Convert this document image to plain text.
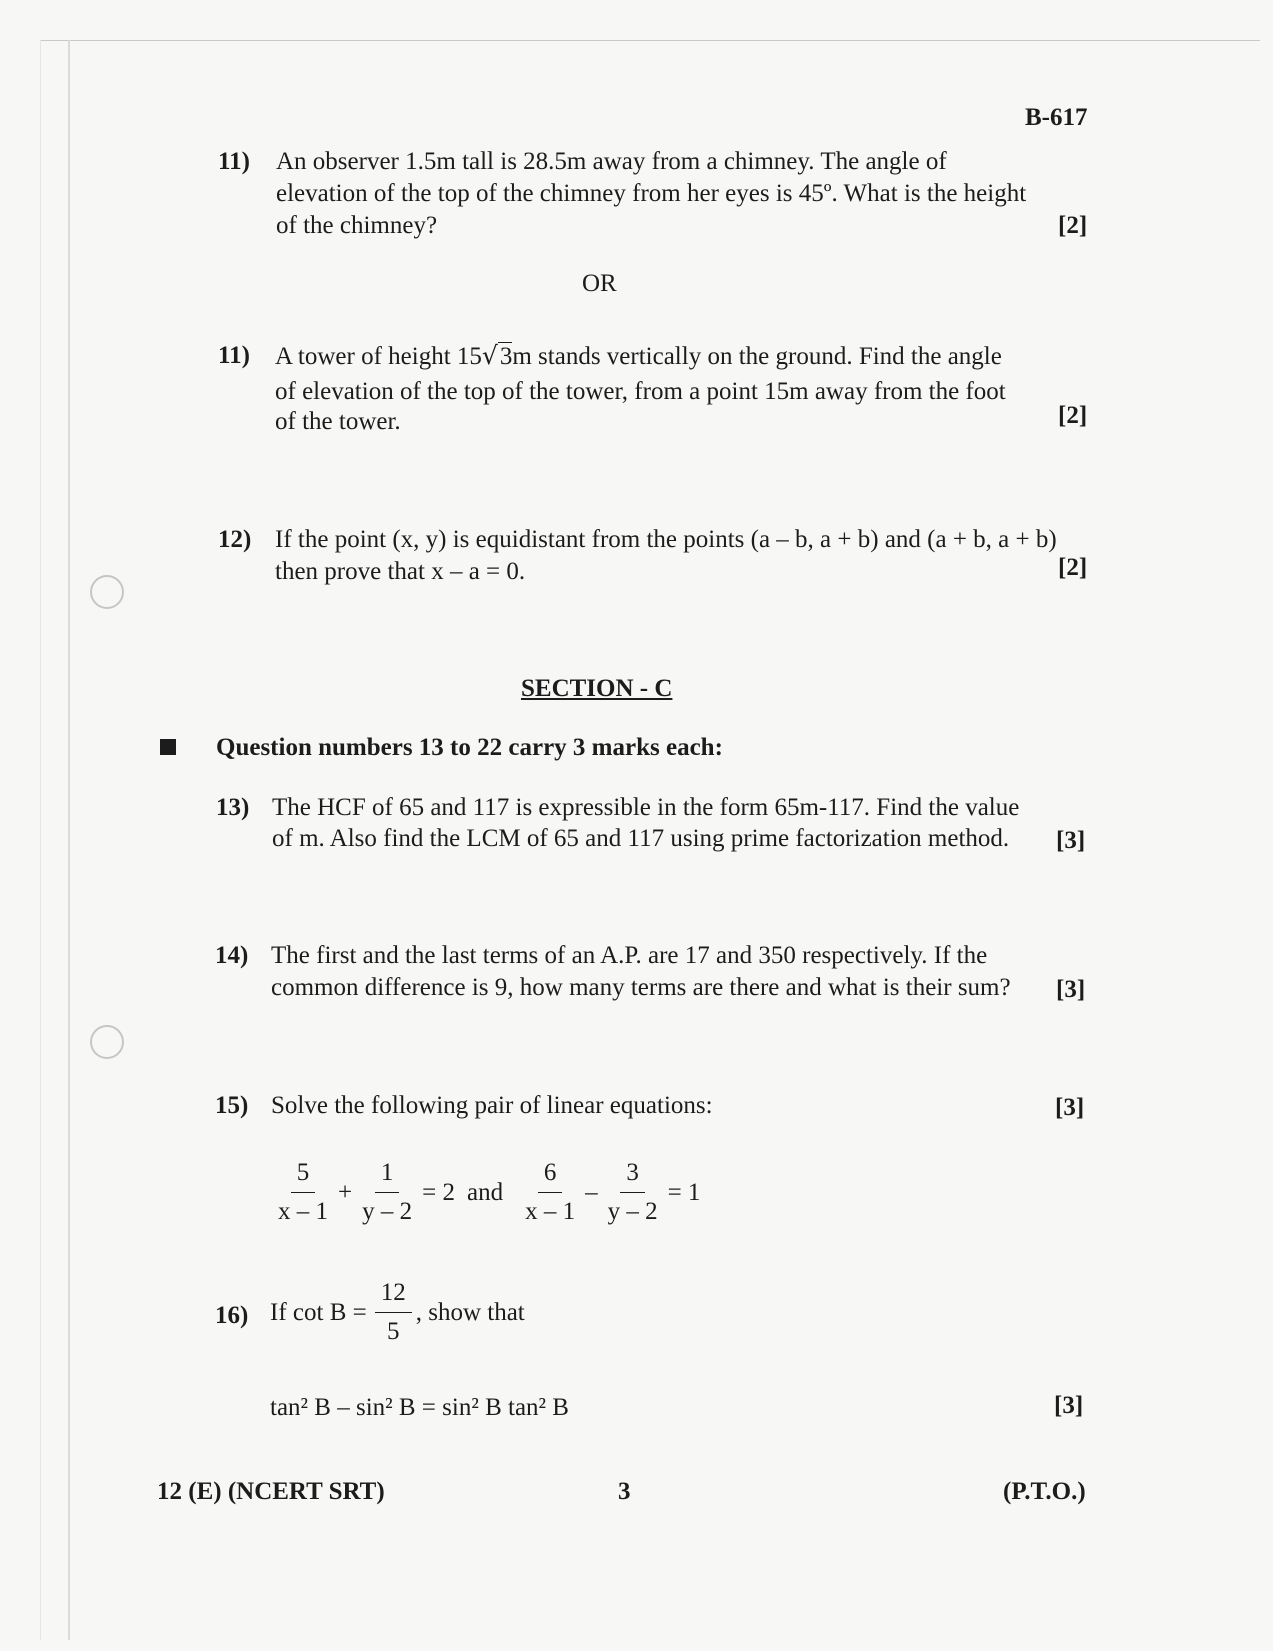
B-617
11) An observer 1.5m tall is 28.5m away from a chimney. The angle of
elevation of the top of the chimney from her eyes is 45º. What is the height
of the chimney?	[2]
OR
11) A tower of height 15√3m stands vertically on the ground. Find the angle
of elevation of the top of the tower, from a point 15m away from the foot
of the tower.	[2]
12) If the point (x, y) is equidistant from the points (a – b, a + b) and (a + b, a + b)
then prove that x – a = 0.	[2]
SECTION - C
Question numbers 13 to 22 carry 3 marks each:
13) The HCF of 65 and 117 is expressible in the form 65m-117. Find the value
of m. Also find the LCM of 65 and 117 using prime factorization method. [3]
14) The first and the last terms of an A.P. are 17 and 350 respectively. If the
common difference is 9, how many terms are there and what is their sum? [3]
15) Solve the following pair of linear equations:	[3]
$\frac{5}{x - 1} + \frac{1}{y - 2} = 2$ and $\frac{6}{x - 1} - \frac{3}{y - 2} = 1$
16) If $\cot B = \frac{12}{5}$ , show that
tan² B – sin² B = sin² B tan² B	[3]
12 (E) (NCERT SRT)	3	(P.T.O.)
